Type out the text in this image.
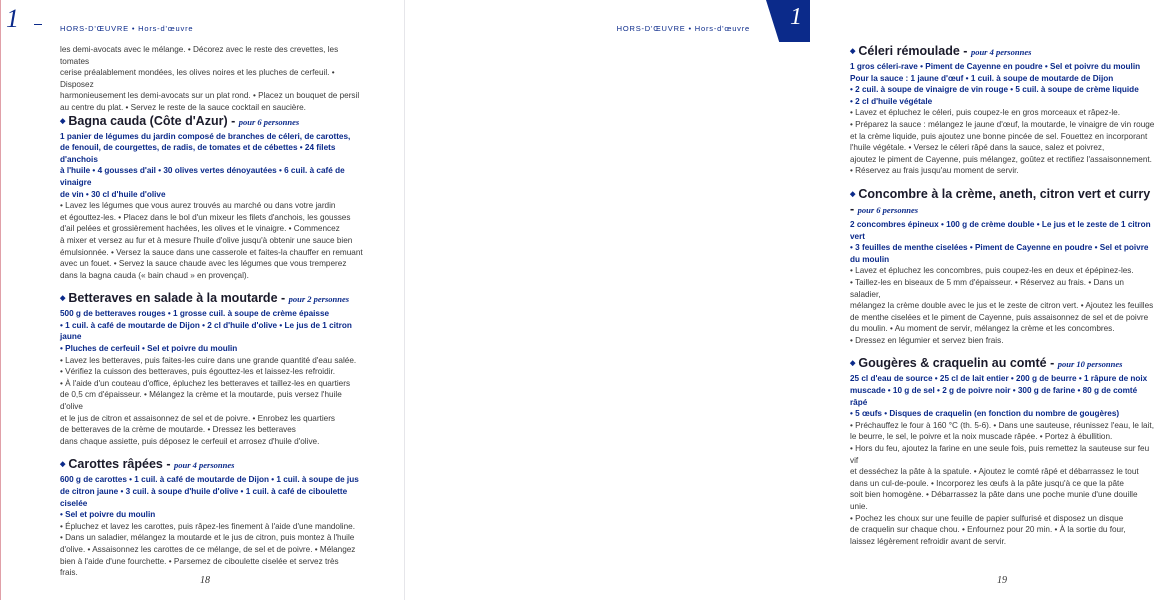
1	HORS-D'ŒUVRE • Hors-d'œuvre

les demi-avocats avec le mélange. • Décorez avec le reste des crevettes, les tomates

cerise préalablement mondées, les olives noires et les pluches de cerfeuil. • Disposez

harmonieusement les demi-avocats sur un plat rond. • Placez un bouquet de persil

au centre du plat. • Servez le reste de la sauce cocktail en saucière.

◆ Bagna cauda (Côte d'Azur) - pour 6 personnes

1 panier de légumes du jardin composé de branches de céleri, de carottes,

de fenouil, de courgettes, de radis, de tomates et de cébettes • 24 filets d'anchois

à l'huile • 4 gousses d'ail • 30 olives vertes dénoyautées • 6 cuil. à café de vinaigre

de vin • 30 cl d'huile d'olive

• Lavez les légumes que vous aurez trouvés au marché ou dans votre jardin

et égouttez-les. • Placez dans le bol d'un mixeur les filets d'anchois, les gousses

d'ail pelées et grossièrement hachées, les olives et le vinaigre. • Commencez

à mixer et versez au fur et à mesure l'huile d'olive jusqu'à obtenir une sauce bien

émulsionnée. • Versez la sauce dans une casserole et faites-la chauffer en remuant

avec un fouet. • Servez la sauce chaude avec les légumes que vous tremperez

dans la bagna cauda (« bain chaud » en provençal).

◆ Betteraves en salade à la moutarde - pour 2 personnes

500 g de betteraves rouges • 1 grosse cuil. à soupe de crème épaisse

• 1 cuil. à café de moutarde de Dijon • 2 cl d'huile d'olive • Le jus de 1 citron jaune

• Pluches de cerfeuil • Sel et poivre du moulin

• Lavez les betteraves, puis faites-les cuire dans une grande quantité d'eau salée.

• Vérifiez la cuisson des betteraves, puis égouttez-les et laissez-les refroidir.

• À l'aide d'un couteau d'office, épluchez les betteraves et taillez-les en quartiers

de 0,5 cm d'épaisseur. • Mélangez la crème et la moutarde, puis versez l'huile d'olive

et le jus de citron et assaisonnez de sel et de poivre. • Enrobez les quartiers

de betteraves de la crème de moutarde. • Dressez les betteraves

dans chaque assiette, puis déposez le cerfeuil et arrosez d'huile d'olive.

◆ Carottes râpées - pour 4 personnes

600 g de carottes • 1 cuil. à café de moutarde de Dijon • 1 cuil. à soupe de jus

de citron jaune • 3 cuil. à soupe d'huile d'olive • 1 cuil. à café de ciboulette ciselée

• Sel et poivre du moulin

• Épluchez et lavez les carottes, puis râpez-les finement à l'aide d'une mandoline.

• Dans un saladier, mélangez la moutarde et le jus de citron, puis montez à l'huile

d'olive. • Assaisonnez les carottes de ce mélange, de sel et de poivre. • Mélangez

bien à l'aide d'une fourchette. • Parsemez de ciboulette ciselée et servez très

frais.

18
HORS-D'ŒUVRE • Hors-d'œuvre 1
◆ Céleri rémoulade - pour 4 personnes

1 gros céleri-rave • Piment de Cayenne en poudre • Sel et poivre du moulin

Pour la sauce : 1 jaune d'œuf • 1 cuil. à soupe de moutarde de Dijon

• 2 cuil. à soupe de vinaigre de vin rouge • 5 cuil. à soupe de crème liquide

• 2 cl d'huile végétale

• Lavez et épluchez le céleri, puis coupez-le en gros morceaux et râpez-le.

• Préparez la sauce : mélangez le jaune d'œuf, la moutarde, le vinaigre de vin rouge

et la crème liquide, puis ajoutez une bonne pincée de sel. Fouettez en incorporant

l'huile végétale. • Versez le céleri râpé dans la sauce, salez et poivrez,

ajoutez le piment de Cayenne, puis mélangez, goûtez et rectifiez l'assaisonnement.

• Réservez au frais jusqu'au moment de servir.

◆ Concombre à la crème, aneth, citron vert et curry - pour 6 personnes

2 concombres épineux • 100 g de crème double • Le jus et le zeste de 1 citron vert

• 3 feuilles de menthe ciselées • Piment de Cayenne en poudre • Sel et poivre

du moulin

• Lavez et épluchez les concombres, puis coupez-les en deux et épépinez-les.

• Taillez-les en biseaux de 5 mm d'épaisseur. • Réservez au frais. • Dans un saladier,

mélangez la crème double avec le jus et le zeste de citron vert. • Ajoutez les feuilles

de menthe ciselées et le piment de Cayenne, puis assaisonnez de sel et de poivre

du moulin. • Au moment de servir, mélangez la crème et les concombres.

• Dressez en légumier et servez bien frais.

◆ Gougères & craquelin au comté - pour 10 personnes

25 cl d'eau de source • 25 cl de lait entier • 200 g de beurre • 1 râpure de noix

muscade • 10 g de sel • 2 g de poivre noir • 300 g de farine • 80 g de comté râpé

• 5 œufs • Disques de craquelin (en fonction du nombre de gougères)

• Préchauffez le four à 160 °C (th. 5-6). • Dans une sauteuse, réunissez l'eau, le lait,

le beurre, le sel, le poivre et la noix muscade râpée. • Portez à ébullition.

• Hors du feu, ajoutez la farine en une seule fois, puis remettez la sauteuse sur feu vif

et desséchez la pâte à la spatule. • Ajoutez le comté râpé et débarrassez le tout

dans un cul-de-poule. • Incorporez les œufs à la pâte jusqu'à ce que la pâte

soit bien homogène. • Débarrassez la pâte dans une poche munie d'une douille unie.

• Pochez les choux sur une feuille de papier sulfurisé et disposez un disque

de craquelin sur chaque chou. • Enfournez pour 20 min. • À la sortie du four,

laissez légèrement refroidir avant de servir.

19
